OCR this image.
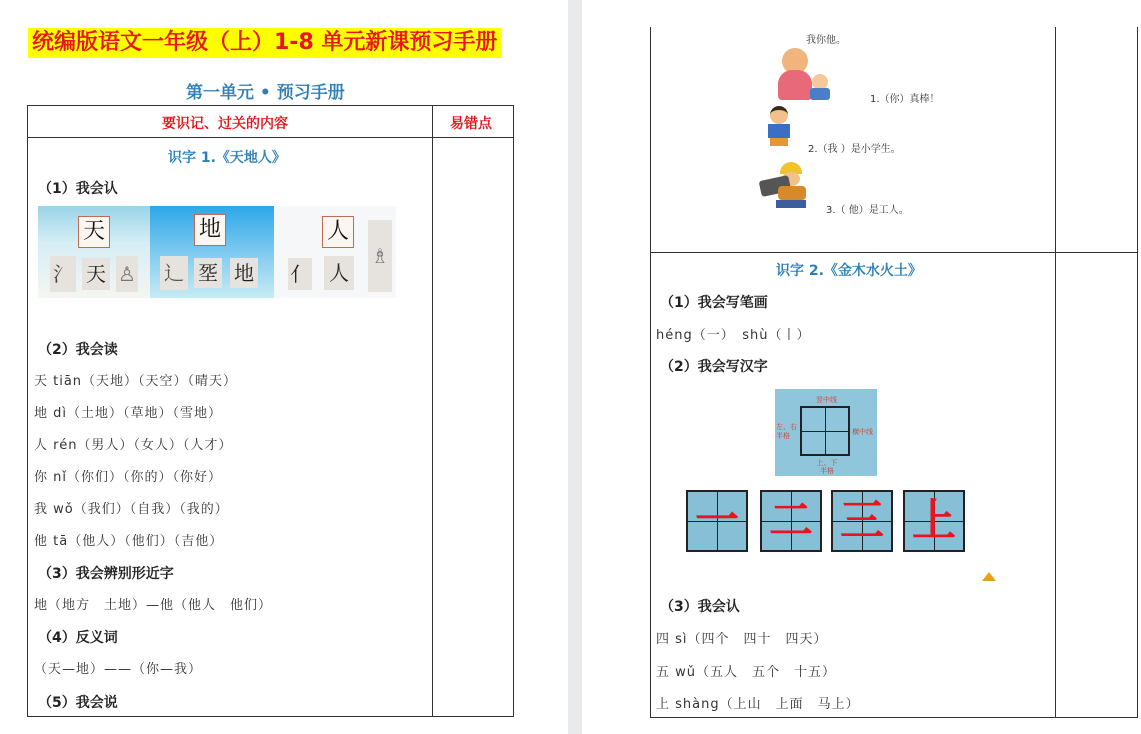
统编版语文一年级（上）1-8 单元新课预习手册
第一单元 • 预习手册
要识记、过关的内容	易错点
识字 1.《天地人》
（1）我会认
天
⺡ 天 ♙
地
⻌ 㘸 地
人
亻 人
♗
（2）我会读
天 tiān（天地）（天空）（晴天）
地 dì（土地）（草地）（雪地）
人 rén（男人）（女人）（人才）
你 nǐ（你们）（你的）（你好）
我 wǒ（我们）（自我）（我的）
他 tā（他人）（他们）（吉他）
（3）我会辨别形近字
地（地方　土地）—他（他人　他们）
（4）反义词
（天—地）——（你—我）
（5）我会说
我你他。
1.（你）真棒！
2.（我 ）是小学生。
3.（ 他）是工人。
识字 2.《金木水火土》
（1）我会写笔画
héng（一）　shù（丨）
（2）我会写汉字
竖中线
左、右半格	横中线
上、下半格
一 二 三 上
（3）我会认
四 sì（四个　四十　四天）
五 wǔ（五人　五个　十五）
上 shàng（上山　上面　马上）
